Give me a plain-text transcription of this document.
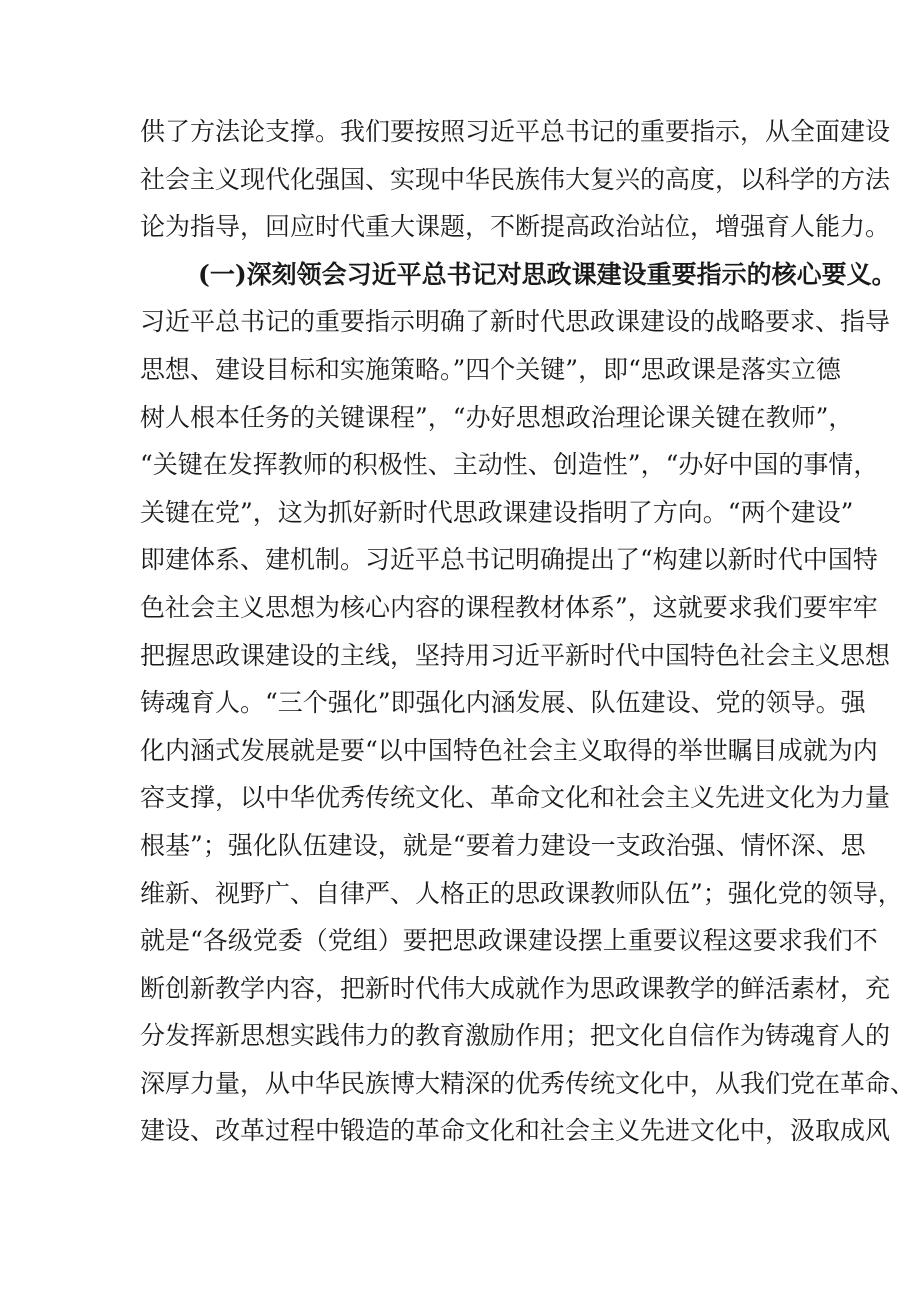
供了方法论支撑。我们要按照习近平总书记的重要指示，从全面建设
社会主义现代化强国、实现中华民族伟大复兴的高度，以科学的方法
论为指导，回应时代重大课题，不断提高政治站位，增强育人能力。
(一)深刻领会习近平总书记对思政课建设重要指示的核心要义。
习近平总书记的重要指示明确了新时代思政课建设的战略要求、指导
思想、建设目标和实施策略。”四个关键”，即“思政课是落实立德
树人根本任务的关键课程”，“办好思想政治理论课关键在教师”，
“关键在发挥教师的积极性、主动性、创造性”，“办好中国的事情，
关键在党”，这为抓好新时代思政课建设指明了方向。“两个建设”
即建体系、建机制。习近平总书记明确提出了“构建以新时代中国特
色社会主义思想为核心内容的课程教材体系”，这就要求我们要牢牢
把握思政课建设的主线，坚持用习近平新时代中国特色社会主义思想
铸魂育人。“三个强化”即强化内涵发展、队伍建设、党的领导。强
化内涵式发展就是要“以中国特色社会主义取得的举世瞩目成就为内
容支撑，以中华优秀传统文化、革命文化和社会主义先进文化为力量
根基”；强化队伍建设，就是“要着力建设一支政治强、情怀深、思
维新、视野广、自律严、人格正的思政课教师队伍”；强化党的领导，
就是“各级党委（党组）要把思政课建设摆上重要议程这要求我们不
断创新教学内容，把新时代伟大成就作为思政课教学的鲜活素材，充
分发挥新思想实践伟力的教育激励作用；把文化自信作为铸魂育人的
深厚力量，从中华民族博大精深的优秀传统文化中，从我们党在革命、
建设、改革过程中锻造的革命文化和社会主义先进文化中，汲取成风
